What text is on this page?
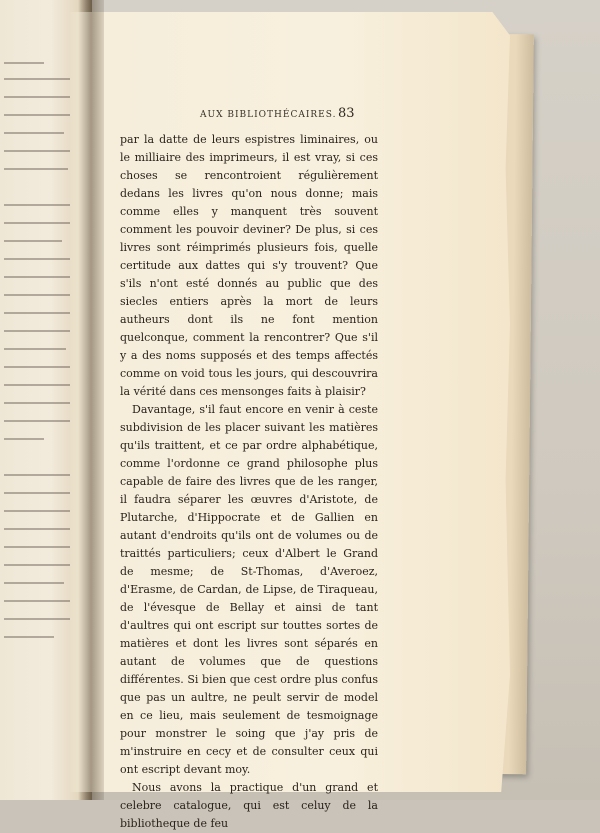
AUX BIBLIOTHÉCAIRES. 83

par la datte de leurs espistres liminaires, ou le milliaire des imprimeurs, il est vray, si ces choses se rencontroient régulièrement dedans les livres qu'on nous donne; mais comme elles y manquent très souvent comment les pouvoir deviner? De plus, si ces livres sont réimprimés plusieurs fois, quelle certitude aux dattes qui s'y trouvent? Que s'ils n'ont esté donnés au public que des siecles entiers après la mort de leurs autheurs dont ils ne font mention quelconque, comment la rencontrer? Que s'il y a des noms supposés et des temps affectés comme on void tous les jours, qui descouvrira la vérité dans ces mensonges faits à plaisir?

Davantage, s'il faut encore en venir à ceste subdivision de les placer suivant les matières qu'ils traittent, et ce par ordre alphabétique, comme l'ordonne ce grand philosophe plus capable de faire des livres que de les ranger, il faudra séparer les œuvres d'Aristote, de Plutarche, d'Hippocrate et de Gallien en autant d'endroits qu'ils ont de volumes ou de traittés particuliers; ceux d'Albert le Grand de mesme; de St-Thomas, d'Averoez, d'Erasme, de Cardan, de Lipse, de Tiraqueau, de l'évesque de Bellay et ainsi de tant d'aultres qui ont escript sur touttes sortes de matières et dont les livres sont séparés en autant de volumes que de questions différentes. Si bien que cest ordre plus confus que pas un aultre, ne peult servir de model en ce lieu, mais seulement de tesmoignage pour monstrer le soing que j'ay pris de m'instruire en cecy et de consulter ceux qui ont escript devant moy.

Nous avons la practique d'un grand et celebre catalogue, qui est celuy de la bibliotheque de feu
